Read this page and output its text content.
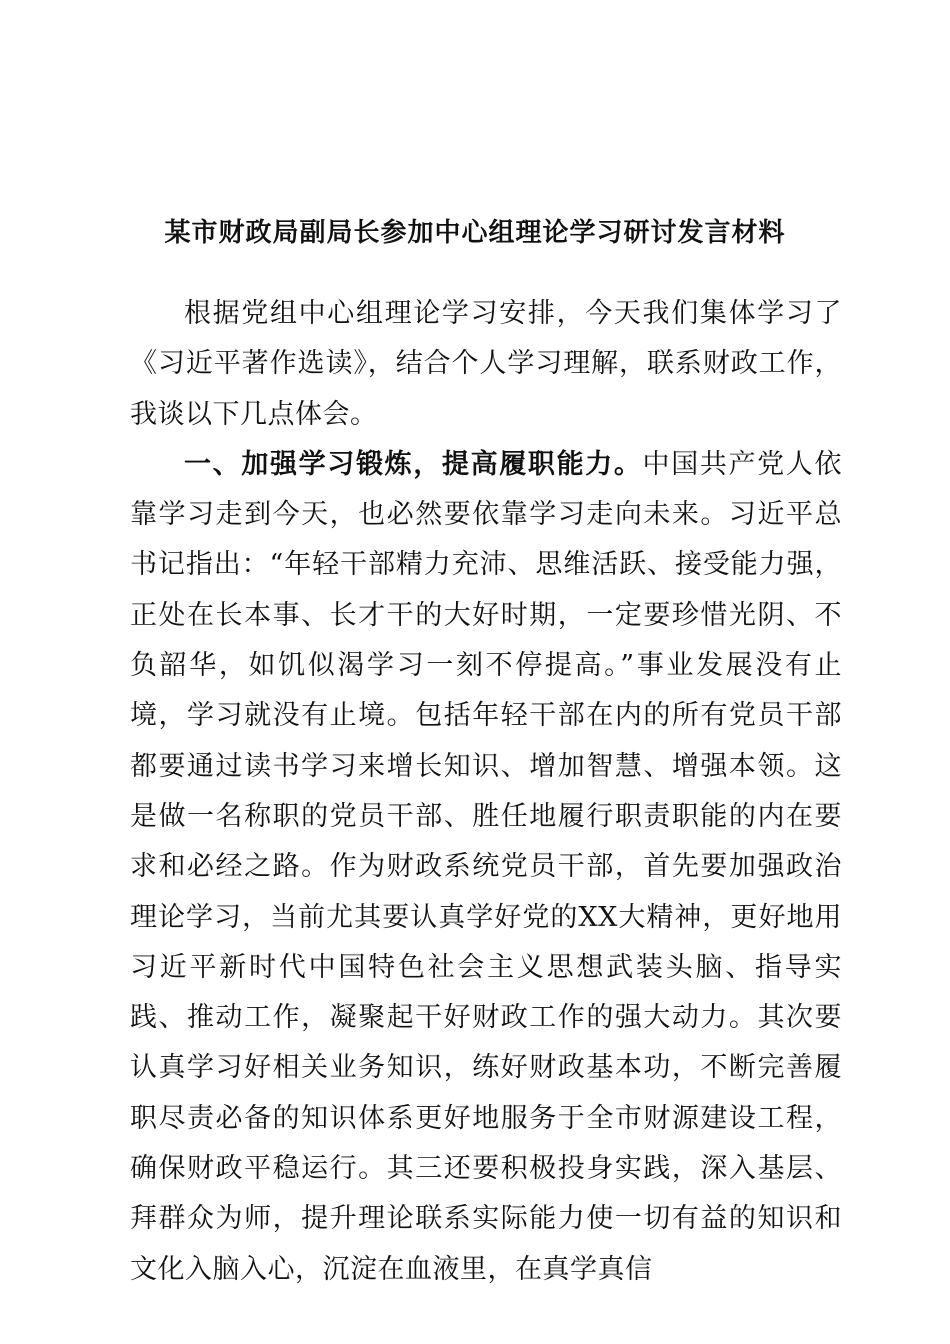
某市财政局副局长参加中心组理论学习研讨发言材料

根据党组中心组理论学习安排，今天我们集体学习了《习近平著作选读》，结合个人学习理解，联系财政工作，我谈以下几点体会。

一、加强学习锻炼，提高履职能力。中国共产党人依靠学习走到今天，也必然要依靠学习走向未来。习近平总书记指出：“年轻干部精力充沛、思维活跃、接受能力强，正处在长本事、长才干的大好时期，一定要珍惜光阴、不负韶华，如饥似渴学习一刻不停提高。”事业发展没有止境，学习就没有止境。包括年轻干部在内的所有党员干部都要通过读书学习来增长知识、增加智慧、增强本领。这是做一名称职的党员干部、胜任地履行职责职能的内在要求和必经之路。作为财政系统党员干部，首先要加强政治理论学习，当前尤其要认真学好党的XX大精神，更好地用习近平新时代中国特色社会主义思想武装头脑、指导实践、推动工作，凝聚起干好财政工作的强大动力。其次要认真学习好相关业务知识，练好财政基本功，不断完善履职尽责必备的知识体系更好地服务于全市财源建设工程，确保财政平稳运行。其三还要积极投身实践，深入基层、拜群众为师，提升理论联系实际能力使一切有益的知识和文化入脑入心，沉淀在血液里，在真学真信
